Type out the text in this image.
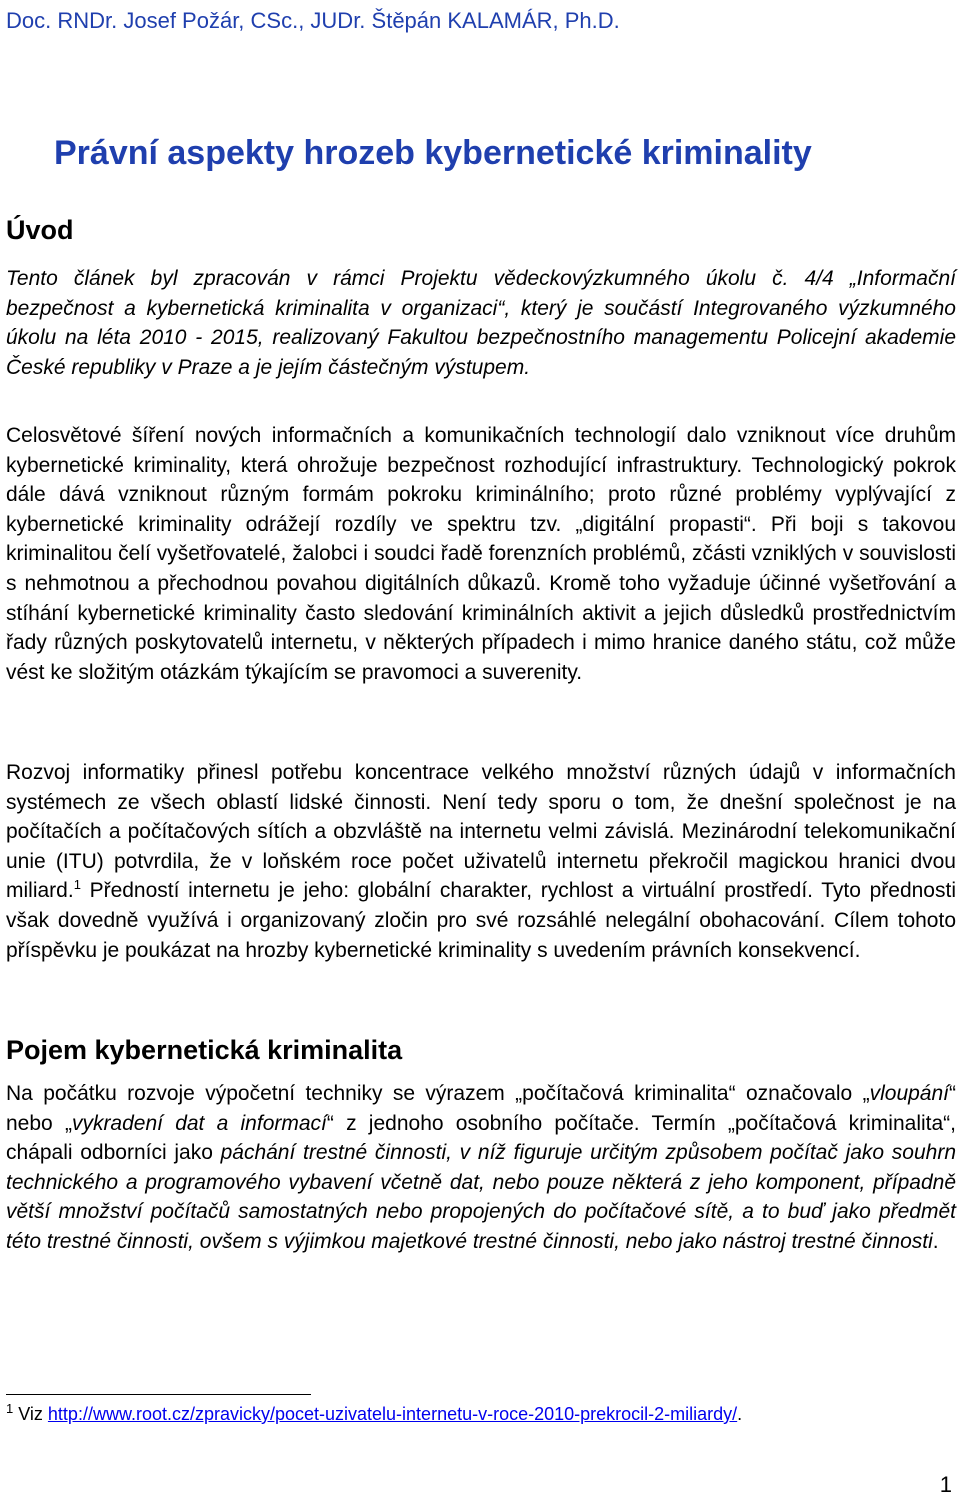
Doc. RNDr. Josef Požár, CSc., JUDr. Štěpán KALAMÁR, Ph.D.
Právní aspekty hrozeb kybernetické kriminality
Úvod
Tento článek byl zpracován v rámci Projektu vědeckovýzkumného úkolu č. 4/4 „Informační bezpečnost a kybernetická kriminalita v organizaci“, který je součástí Integrovaného výzkumného úkolu na léta 2010 - 2015, realizovaný Fakultou bezpečnostního managementu Policejní akademie České republiky v Praze a je jejím částečným výstupem.
Celosvětové šíření nových informačních a komunikačních technologií dalo vzniknout více druhům kybernetické kriminality, která ohrožuje bezpečnost rozhodující infrastruktury. Technologický pokrok dále dává vzniknout různým formám pokroku kriminálního; proto různé problémy vyplývající z kybernetické kriminality odrážejí rozdíly ve spektru tzv. „digitální propasti“. Při boji s takovou kriminalitou čelí vyšetřovatelé, žalobci i soudci řadě forenzních problémů, zčásti vzniklých v souvislosti s nehmotnou a přechodnou povahou digitálních důkazů. Kromě toho vyžaduje účinné vyšetřování a stíhání kybernetické kriminality často sledování kriminálních aktivit a jejich důsledků prostřednictvím řady různých poskytovatelů internetu, v některých případech i mimo hranice daného státu, což může vést ke složitým otázkám týkajícím se pravomoci a suverenity.
Rozvoj informatiky přinesl potřebu koncentrace velkého množství různých údajů v informačních systémech ze všech oblastí lidské činnosti. Není tedy sporu o tom, že dnešní společnost je na počítačích a počítačových sítích a obzvláště na internetu velmi závislá. Mezinárodní telekomunikační unie (ITU) potvrdila, že v loňském roce počet uživatelů internetu překročil magickou hranici dvou miliard.$^1$ Předností internetu je jeho: globální charakter, rychlost a virtuální prostředí. Tyto přednosti však dovedně využívá i organizovaný zločin pro své rozsáhlé nelegální obohacování. Cílem tohoto příspěvku je poukázat na hrozby kybernetické kriminality s uvedením právních konsekvencí.
Pojem kybernetická kriminalita
Na počátku rozvoje výpočetní techniky se výrazem „počítačová kriminalita“ označovalo „vloupání“ nebo „vykradení dat a informací“ z jednoho osobního počítače. Termín „počítačová kriminalita“, chápali odborníci jako páchání trestné činnosti, v níž figuruje určitým způsobem počítač jako souhrn technického a programového vybavení včetně dat, nebo pouze některá z jeho komponent, případně větší množství počítačů samostatných nebo propojených do počítačové sítě, a to buď jako předmět této trestné činnosti, ovšem s výjimkou majetkové trestné činnosti, nebo jako nástroj trestné činnosti.
$^1$ Viz http://www.root.cz/zpravicky/pocet-uzivatelu-internetu-v-roce-2010-prekrocil-2-miliardy/.
1
